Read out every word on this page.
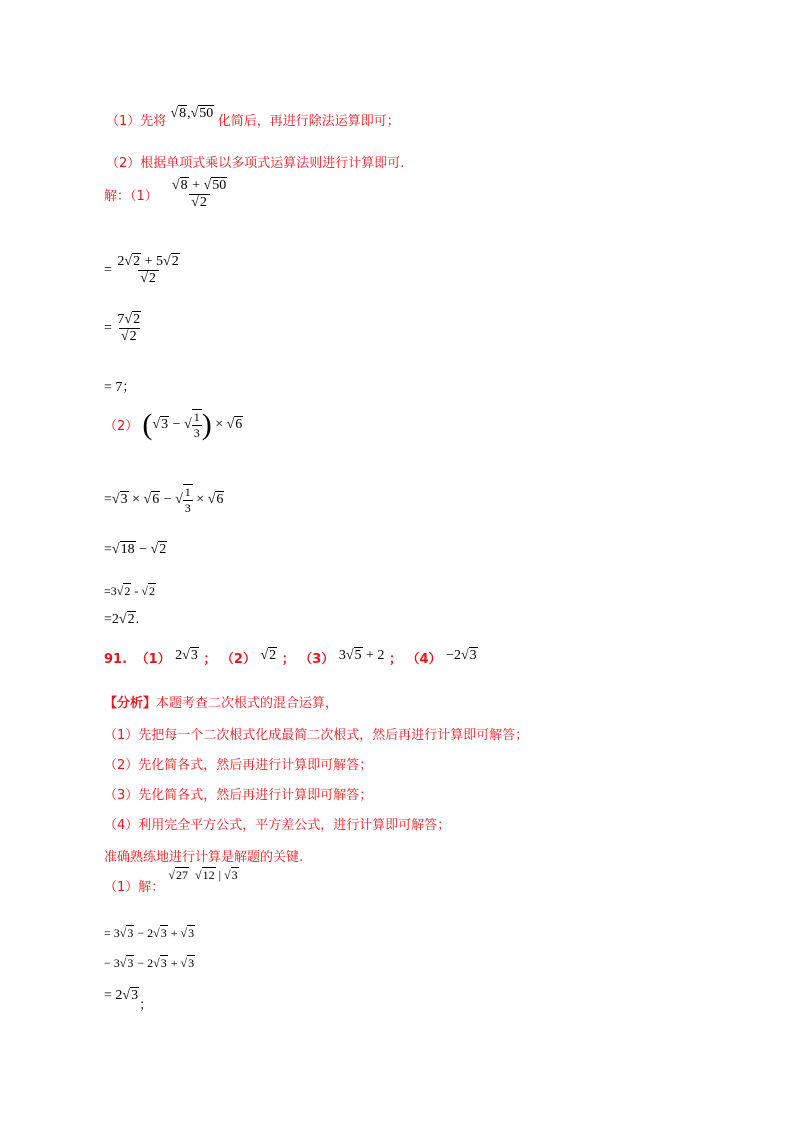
（1）先将 √8,√50 化简后，再进行除法运算即可；
（2）根据单项式乘以多项式运算法则进行计算即可.
解：$(1) \frac{√8 + √50}{√2}$
= $\frac{2√2 + 5√2}{√2}$
= $\frac{7√2}{√2}$
= 7；
（2） (√3 − √ $\frac{1}{3}$ ) × √6
=√3 × √6 − √ $\frac{1}{3} \times √6$
=√18 − √2
=3√2 - √2
=2√2.
91. （1） 2√3 ； （2） √2 ； （3） 3√5 + 2 ； （4） −2√3
【分析】本题考查二次根式的混合运算，
（1）先把每一个二次根式化成最简二次根式，然后再进行计算即可解答；
（2）先化简各式，然后再进行计算即可解答；
（3）先化简各式，然后再进行计算即可解答；
（4）利用完全平方公式，平方差公式，进行计算即可解答；
准确熟练地进行计算是解题的关键.
（1）解： √27 √12 | √3
= 3√3 − 2√3 + √3
− 3√3 − 2√3 + √3
= 2√3；
